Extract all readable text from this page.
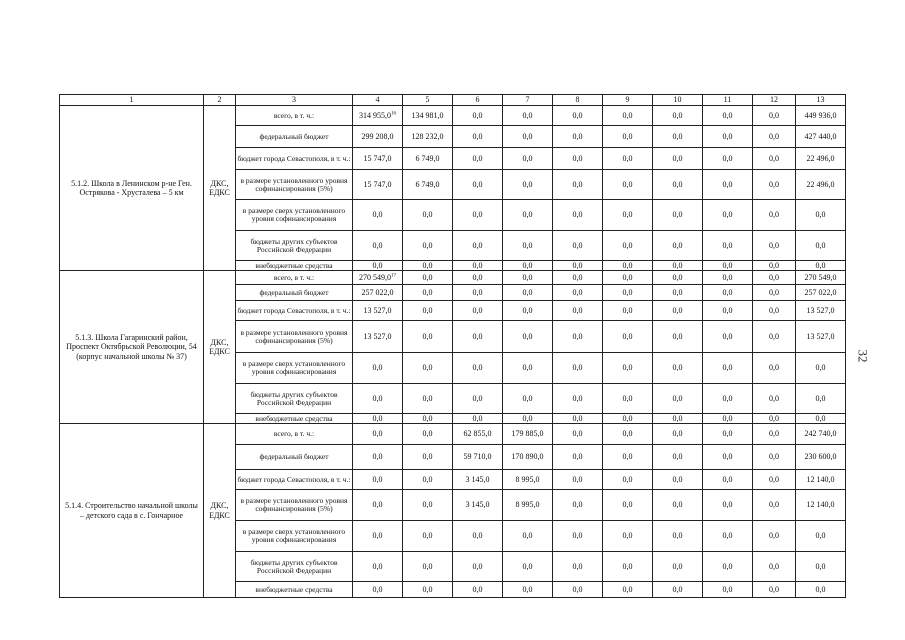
1	2	3	4	5	6	7	8	9	10	11	12	13
5.1.2. Школа в Ленинском р-не Ген. Острякова - Хрусталева – 5 км	ДКС, ЕДКС	всего, в т. ч.:	314 955,0$^{16}$	134 981,0	0,0	0,0	0,0	0,0	0,0	0,0	0,0	449 936,0
		федеральный бюджет	299 208,0	128 232,0	0,0	0,0	0,0	0,0	0,0	0,0	0,0	427 440,0
		бюджет города Севастополя, в т. ч.:	15 747,0	6 749,0	0,0	0,0	0,0	0,0	0,0	0,0	0,0	22 496,0
		в размере установленного уровня софинансирования (5%)	15 747,0	6 749,0	0,0	0,0	0,0	0,0	0,0	0,0	0,0	22 496,0
		в размере сверх установленного уровня софинансирования	0,0	0,0	0,0	0,0	0,0	0,0	0,0	0,0	0,0	0,0
		бюджеты других субъектов Российской Федерации	0,0	0,0	0,0	0,0	0,0	0,0	0,0	0,0	0,0	0,0
		внебюджетные средства	0,0	0,0	0,0	0,0	0,0	0,0	0,0	0,0	0,0	0,0
5.1.3. Школа Гагаринский район, Проспект Октябрьской Революции, 54 (корпус начальной школы № 37)	ДКС, ЕДКС	всего, в т. ч.:	270 549,0$^{17}$	0,0	0,0	0,0	0,0	0,0	0,0	0,0	0,0	270 549,0
		федеральный бюджет	257 022,0	0,0	0,0	0,0	0,0	0,0	0,0	0,0	0,0	257 022,0
		бюджет города Севастополя, в т. ч.:	13 527,0	0,0	0,0	0,0	0,0	0,0	0,0	0,0	0,0	13 527,0
		в размере установленного уровня софинансирования (5%)	13 527,0	0,0	0,0	0,0	0,0	0,0	0,0	0,0	0,0	13 527,0
		в размере сверх установленного уровня софинансирования	0,0	0,0	0,0	0,0	0,0	0,0	0,0	0,0	0,0	0,0
		бюджеты других субъектов Российской Федерации	0,0	0,0	0,0	0,0	0,0	0,0	0,0	0,0	0,0	0,0
		внебюджетные средства	0,0	0,0	0,0	0,0	0,0	0,0	0,0	0,0	0,0	0,0
5.1.4. Строительство начальной школы – детского сада в с. Гончарное	ДКС, ЕДКС	всего, в т. ч.:	0,0	0,0	62 855,0	179 885,0	0,0	0,0	0,0	0,0	0,0	242 740,0
		федеральный бюджет	0,0	0,0	59 710,0	170 890,0	0,0	0,0	0,0	0,0	0,0	230 600,0
		бюджет города Севастополя, в т. ч.:	0,0	0,0	3 145,0	8 995,0	0,0	0,0	0,0	0,0	0,0	12 140,0
		в размере установленного уровня софинансирования (5%)	0,0	0,0	3 145,0	8 995,0	0,0	0,0	0,0	0,0	0,0	12 140,0
		в размере сверх установленного уровня софинансирования	0,0	0,0	0,0	0,0	0,0	0,0	0,0	0,0	0,0	0,0
		бюджеты других субъектов Российской Федерации	0,0	0,0	0,0	0,0	0,0	0,0	0,0	0,0	0,0	0,0
		внебюджетные средства	0,0	0,0	0,0	0,0	0,0	0,0	0,0	0,0	0,0	0,0
32
